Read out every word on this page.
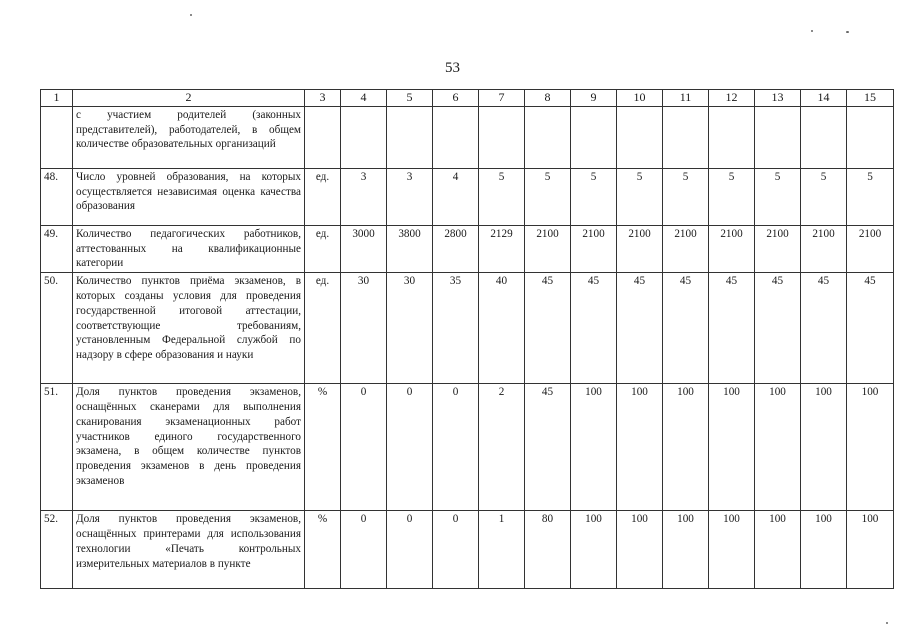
53
1	2	3	4	5	6	7	8	9	10	11	12	13	14	15
	с участием родителей (законных представителей), работодателей, в общем количестве образовательных организаций													
48.	Число уровней образования, на которых осуществляется независимая оценка качества образования	ед.	3	3	4	5	5	5	5	5	5	5	5	5
49.	Количество педагогических работников, аттестованных на квалификационные категории	ед.	3000	3800	2800	2129	2100	2100	2100	2100	2100	2100	2100	2100
50.	Количество пунктов приёма экзаменов, в которых созданы условия для проведения государственной итоговой аттестации, соответствующие требованиям, установленным Федеральной службой по надзору в сфере образования и науки	ед.	30	30	35	40	45	45	45	45	45	45	45	45
51.	Доля пунктов проведения экзаменов, оснащённых сканерами для выполнения сканирования экзаменационных работ участников единого государственного экзамена, в общем количестве пунктов проведения экзаменов в день проведения экзаменов	%	0	0	0	2	45	100	100	100	100	100	100	100
52.	Доля пунктов проведения экзаменов, оснащённых принтерами для использования технологии «Печать контрольных измерительных материалов в пункте	%	0	0	0	1	80	100	100	100	100	100	100	100
